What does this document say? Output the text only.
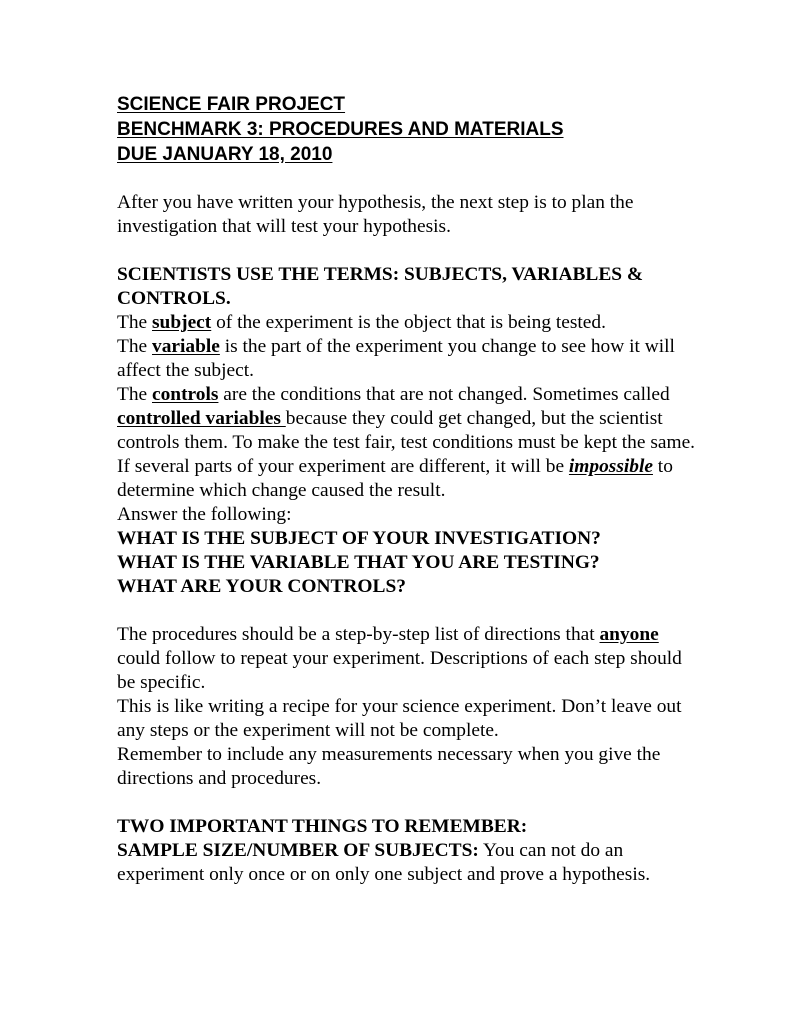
SCIENCE FAIR PROJECT
BENCHMARK 3: PROCEDURES AND MATERIALS
DUE JANUARY 18, 2010

After you have written your hypothesis, the next step is to plan the investigation that will test your hypothesis.

SCIENTISTS USE THE TERMS: SUBJECTS, VARIABLES & CONTROLS.

The subject of the experiment is the object that is being tested.

The variable is the part of the experiment you change to see how it will affect the subject.

The controls are the conditions that are not changed. Sometimes called controlled variables because they could get changed, but the scientist controls them. To make the test fair, test conditions must be kept the same. If several parts of your experiment are different, it will be impossible to determine which change caused the result.

Answer the following:

WHAT IS THE SUBJECT OF YOUR INVESTIGATION?

WHAT IS THE VARIABLE THAT YOU ARE TESTING?

WHAT ARE YOUR CONTROLS?

The procedures should be a step-by-step list of directions that anyone could follow to repeat your experiment. Descriptions of each step should be specific.

This is like writing a recipe for your science experiment. Don’t leave out any steps or the experiment will not be complete.

Remember to include any measurements necessary when you give the directions and procedures.

TWO IMPORTANT THINGS TO REMEMBER:

SAMPLE SIZE/NUMBER OF SUBJECTS: You can not do an experiment only once or on only one subject and prove a hypothesis.
